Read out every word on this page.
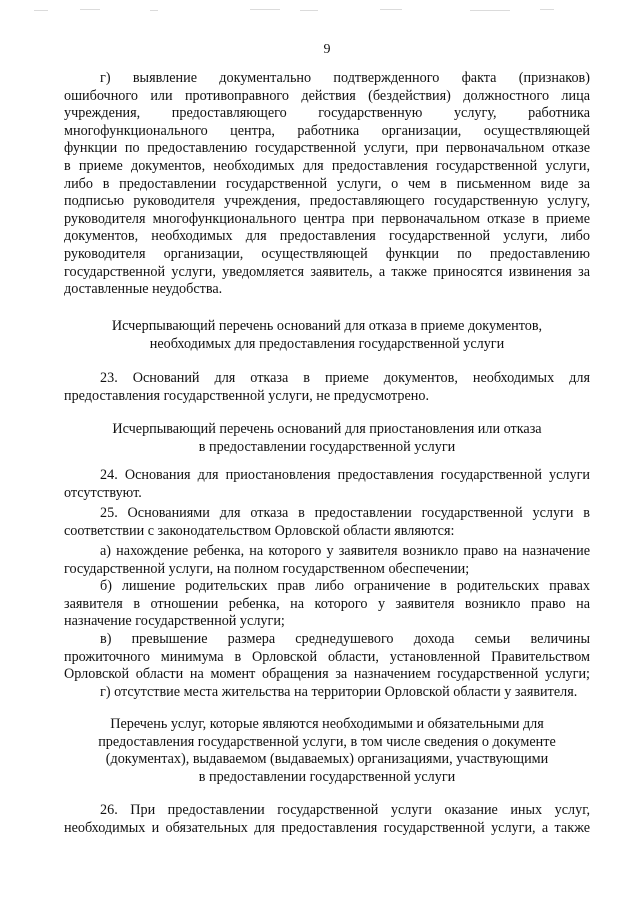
9
г) выявление документально подтвержденного факта (признаков)
ошибочного или противоправного действия (бездействия) должностного лица
учреждения, предоставляющего государственную услугу, работника
многофункционального центра, работника организации, осуществляющей
функции по предоставлению государственной услуги, при первоначальном отказе
в приеме документов, необходимых для предоставления государственной услуги,
либо в предоставлении государственной услуги, о чем в письменном виде за
подписью руководителя учреждения, предоставляющего государственную услугу,
руководителя многофункционального центра при первоначальном отказе в приеме
документов, необходимых для предоставления государственной услуги, либо
руководителя организации, осуществляющей функции по предоставлению
государственной услуги, уведомляется заявитель, а также приносятся извинения за
доставленные неудобства.
Исчерпывающий перечень оснований для отказа в приеме документов,
необходимых для предоставления государственной услуги
23. Оснований для отказа в приеме документов, необходимых для
предоставления государственной услуги, не предусмотрено.
Исчерпывающий перечень оснований для приостановления или отказа
в предоставлении государственной услуги
24. Основания для приостановления предоставления государственной услуги
отсутствуют.
25. Основаниями для отказа в предоставлении государственной услуги в
соответствии с законодательством Орловской области являются:
а) нахождение ребенка, на которого у заявителя возникло право на назначение
государственной услуги, на полном государственном обеспечении;
б) лишение родительских прав либо ограничение в родительских правах
заявителя в отношении ребенка, на которого у заявителя возникло право на
назначение государственной услуги;
в) превышение размера среднедушевого дохода семьи величины
прожиточного минимума в Орловской области, установленной Правительством
Орловской области на момент обращения за назначением государственной услуги;
г) отсутствие места жительства на территории Орловской области у заявителя.
Перечень услуг, которые являются необходимыми и обязательными для
предоставления государственной услуги, в том числе сведения о документе
(документах), выдаваемом (выдаваемых) организациями, участвующими
в предоставлении государственной услуги
26. При предоставлении государственной услуги оказание иных услуг,
необходимых и обязательных для предоставления государственной услуги, а также
